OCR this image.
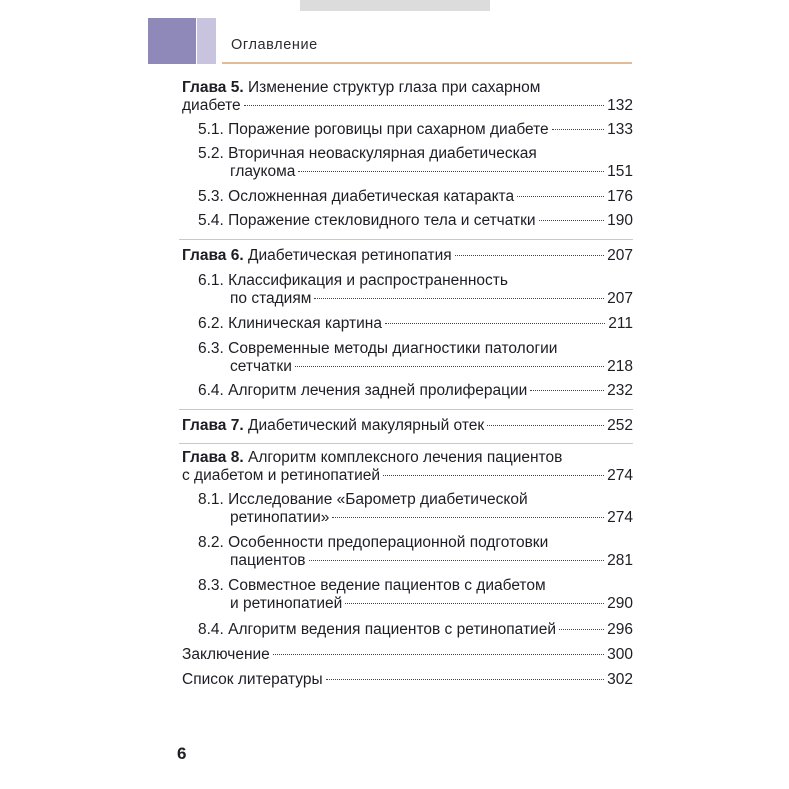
Оглавление
Глава 5. Изменение структур глаза при сахарном
диабете	132
5.1. Поражение роговицы при сахарном диабете	133
5.2. Вторичная неоваскулярная диабетическая
глаукома	151
5.3. Осложненная диабетическая катаракта	176
5.4. Поражение стекловидного тела и сетчатки	190
Глава 6. Диабетическая ретинопатия	207
6.1. Классификация и распространенность
по стадиям	207
6.2. Клиническая картина	211
6.3. Современные методы диагностики патологии
сетчатки	218
6.4. Алгоритм лечения задней пролиферации	232
Глава 7. Диабетический макулярный отек	252
Глава 8. Алгоритм комплексного лечения пациентов
с диабетом и ретинопатией	274
8.1. Исследование «Барометр диабетической
ретинопатии»	274
8.2. Особенности предоперационной подготовки
пациентов	281
8.3. Совместное ведение пациентов с диабетом
и ретинопатией	290
8.4. Алгоритм ведения пациентов с ретинопатией	296
Заключение	300
Список литературы	302
6
